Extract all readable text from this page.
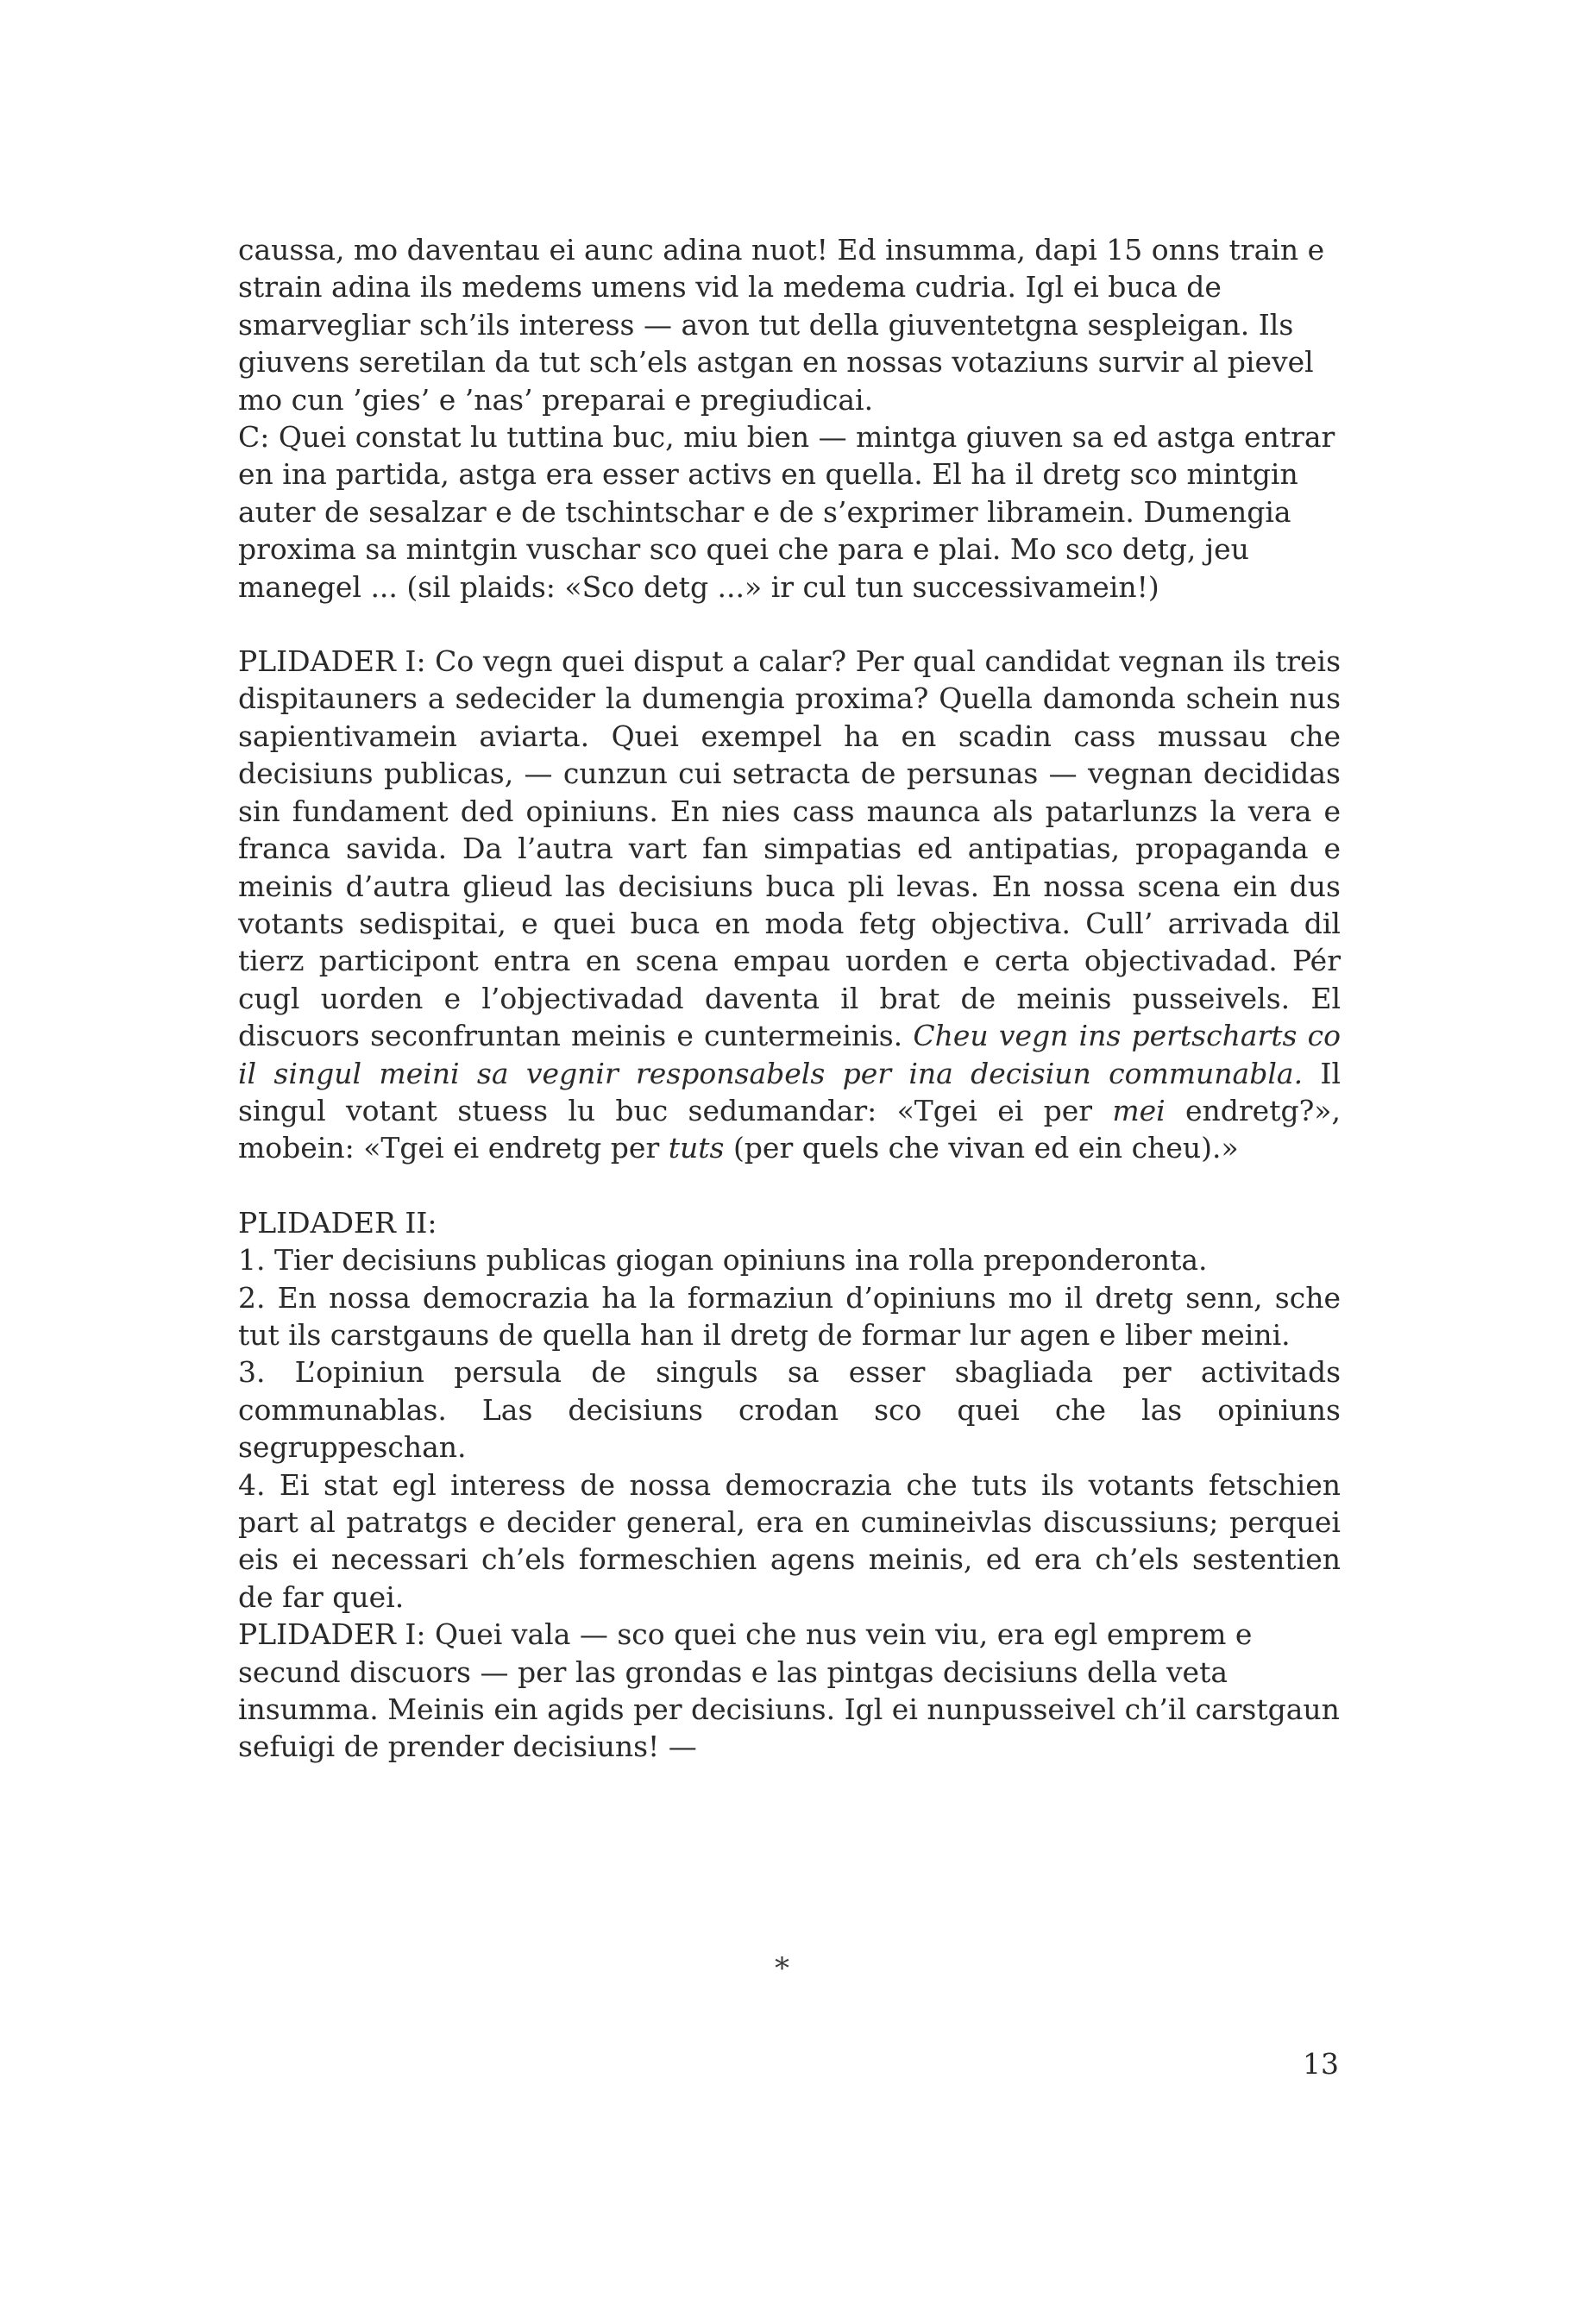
caussa, mo daventau ei aunc adina nuot! Ed insumma, dapi 15 onns train e strain adina ils medems umens vid la medema cudria. Igl ei buca de smarvegliar sch’ils interess — avon tut della giuventetgna sespleigan. Ils giuvens seretilan da tut sch’els astgan en nossas votaziuns survir al pievel mo cun ’gies’ e ’nas’ preparai e pregiudicai.

C: Quei constat lu tuttina buc, miu bien — mintga giuven sa ed astga entrar en ina partida, astga era esser activs en quella. El ha il dretg sco mintgin auter de sesalzar e de tschintschar e de s’exprimer libramein. Dumengia proxima sa mintgin vuschar sco quei che para e plai. Mo sco detg, jeu manegel ... (sil plaids: «Sco detg ...» ir cul tun successivamein!)

PLIDADER I: Co vegn quei disput a calar? Per qual candidat vegnan ils treis dispitauners a sedecider la dumengia proxima? Quella damonda schein nus sapientivamein aviarta. Quei exempel ha en scadin cass mussau che decisiuns publicas, — cunzun cui setracta de persunas — vegnan decididas sin fundament ded opiniuns. En nies cass maunca als patarlunzs la vera e franca savida. Da l’autra vart fan simpatias ed antipatias, propaganda e meinis d’autra glieud las decisiuns buca pli levas. En nossa scena ein dus votants sedispitai, e quei buca en moda fetg objectiva. Cull’ arrivada dil tierz participont entra en scena empau uorden e certa objectivadad. Pér cugl uorden e l’objectivadad daventa il brat de meinis pusseivels. El discuors seconfruntan meinis e cuntermeinis. Cheu vegn ins pertscharts co il singul meini sa vegnir responsabels per ina decisiun communabla. Il singul votant stuess lu buc sedumandar: «Tgei ei per mei endretg?», mobein: «Tgei ei endretg per tuts (per quels che vivan ed ein cheu).»

PLIDADER II:

1. Tier decisiuns publicas giogan opiniuns ina rolla preponderonta.

2. En nossa democrazia ha la formaziun d’opiniuns mo il dretg senn, sche tut ils carstgauns de quella han il dretg de formar lur agen e liber meini.

3. L’opiniun persula de singuls sa esser sbagliada per activitads communablas. Las decisiuns crodan sco quei che las opiniuns segruppeschan.

4. Ei stat egl interess de nossa democrazia che tuts ils votants fetschien part al patratgs e decider general, era en cumineivlas discussiuns; perquei eis ei necessari ch’els formeschien agens meinis, ed era ch’els sestentien de far quei.

PLIDADER I: Quei vala — sco quei che nus vein viu, era egl emprem e secund discuors — per las grondas e las pintgas decisiuns della veta insumma. Meinis ein agids per decisiuns. Igl ei nunpusseivel ch’il carstgaun sefuigi de prender decisiuns! —

*
13
